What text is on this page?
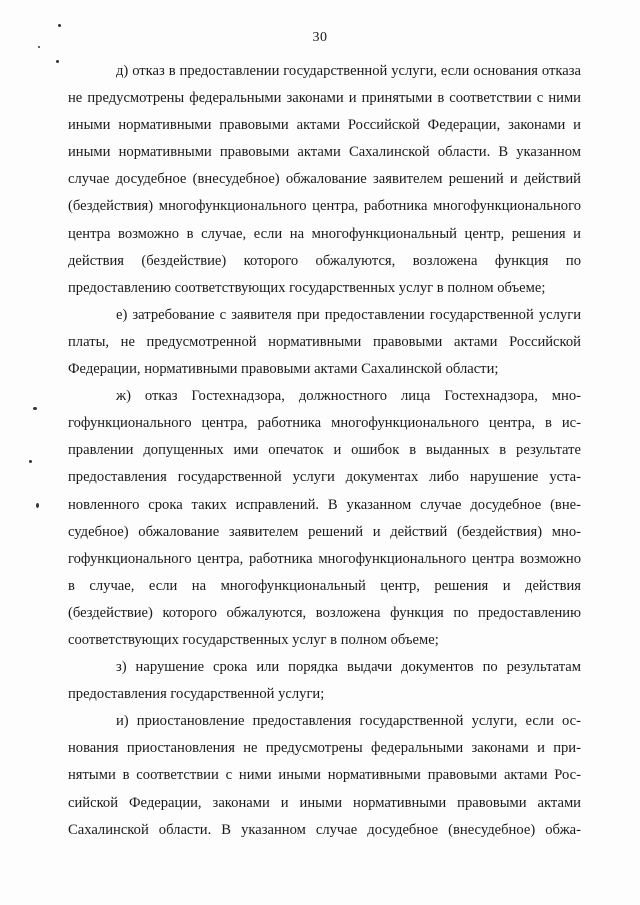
30

д) отказ в предоставлении государственной услуги, если основания отказа не предусмотрены федеральными законами и принятыми в соответствии с ними иными нормативными правовыми актами Российской Федерации, законами и иными нормативными правовыми актами Сахалинской области. В указанном случае досудебное (внесудебное) обжалование заявителем решений и действий (бездействия) многофункционального центра, работника многофункционального центра возможно в случае, если на многофункциональный центр, решения и действия (бездействие) которого обжалуются, возложена функция по предоставлению соответствующих государственных услуг в полном объеме;

е) затребование с заявителя при предоставлении государственной услуги платы, не предусмотренной нормативными правовыми актами Российской Федерации, нормативными правовыми актами Сахалинской области;

ж) отказ Гостехнадзора, должностного лица Гостехнадзора, многофункционального центра, работника многофункционального центра, в исправлении допущенных ими опечаток и ошибок в выданных в результате предоставления государственной услуги документах либо нарушение установленного срока таких исправлений. В указанном случае досудебное (внесудебное) обжалование заявителем решений и действий (бездействия) многофункционального центра, работника многофункционального центра возможно в случае, если на многофункциональный центр, решения и действия (бездействие) которого обжалуются, возложена функция по предоставлению соответствующих государственных услуг в полном объеме;

з) нарушение срока или порядка выдачи документов по результатам предоставления государственной услуги;

и) приостановление предоставления государственной услуги, если основания приостановления не предусмотрены федеральными законами и принятыми в соответствии с ними иными нормативными правовыми актами Российской Федерации, законами и иными нормативными правовыми актами Сахалинской области. В указанном случае досудебное (внесудебное) обжа-
